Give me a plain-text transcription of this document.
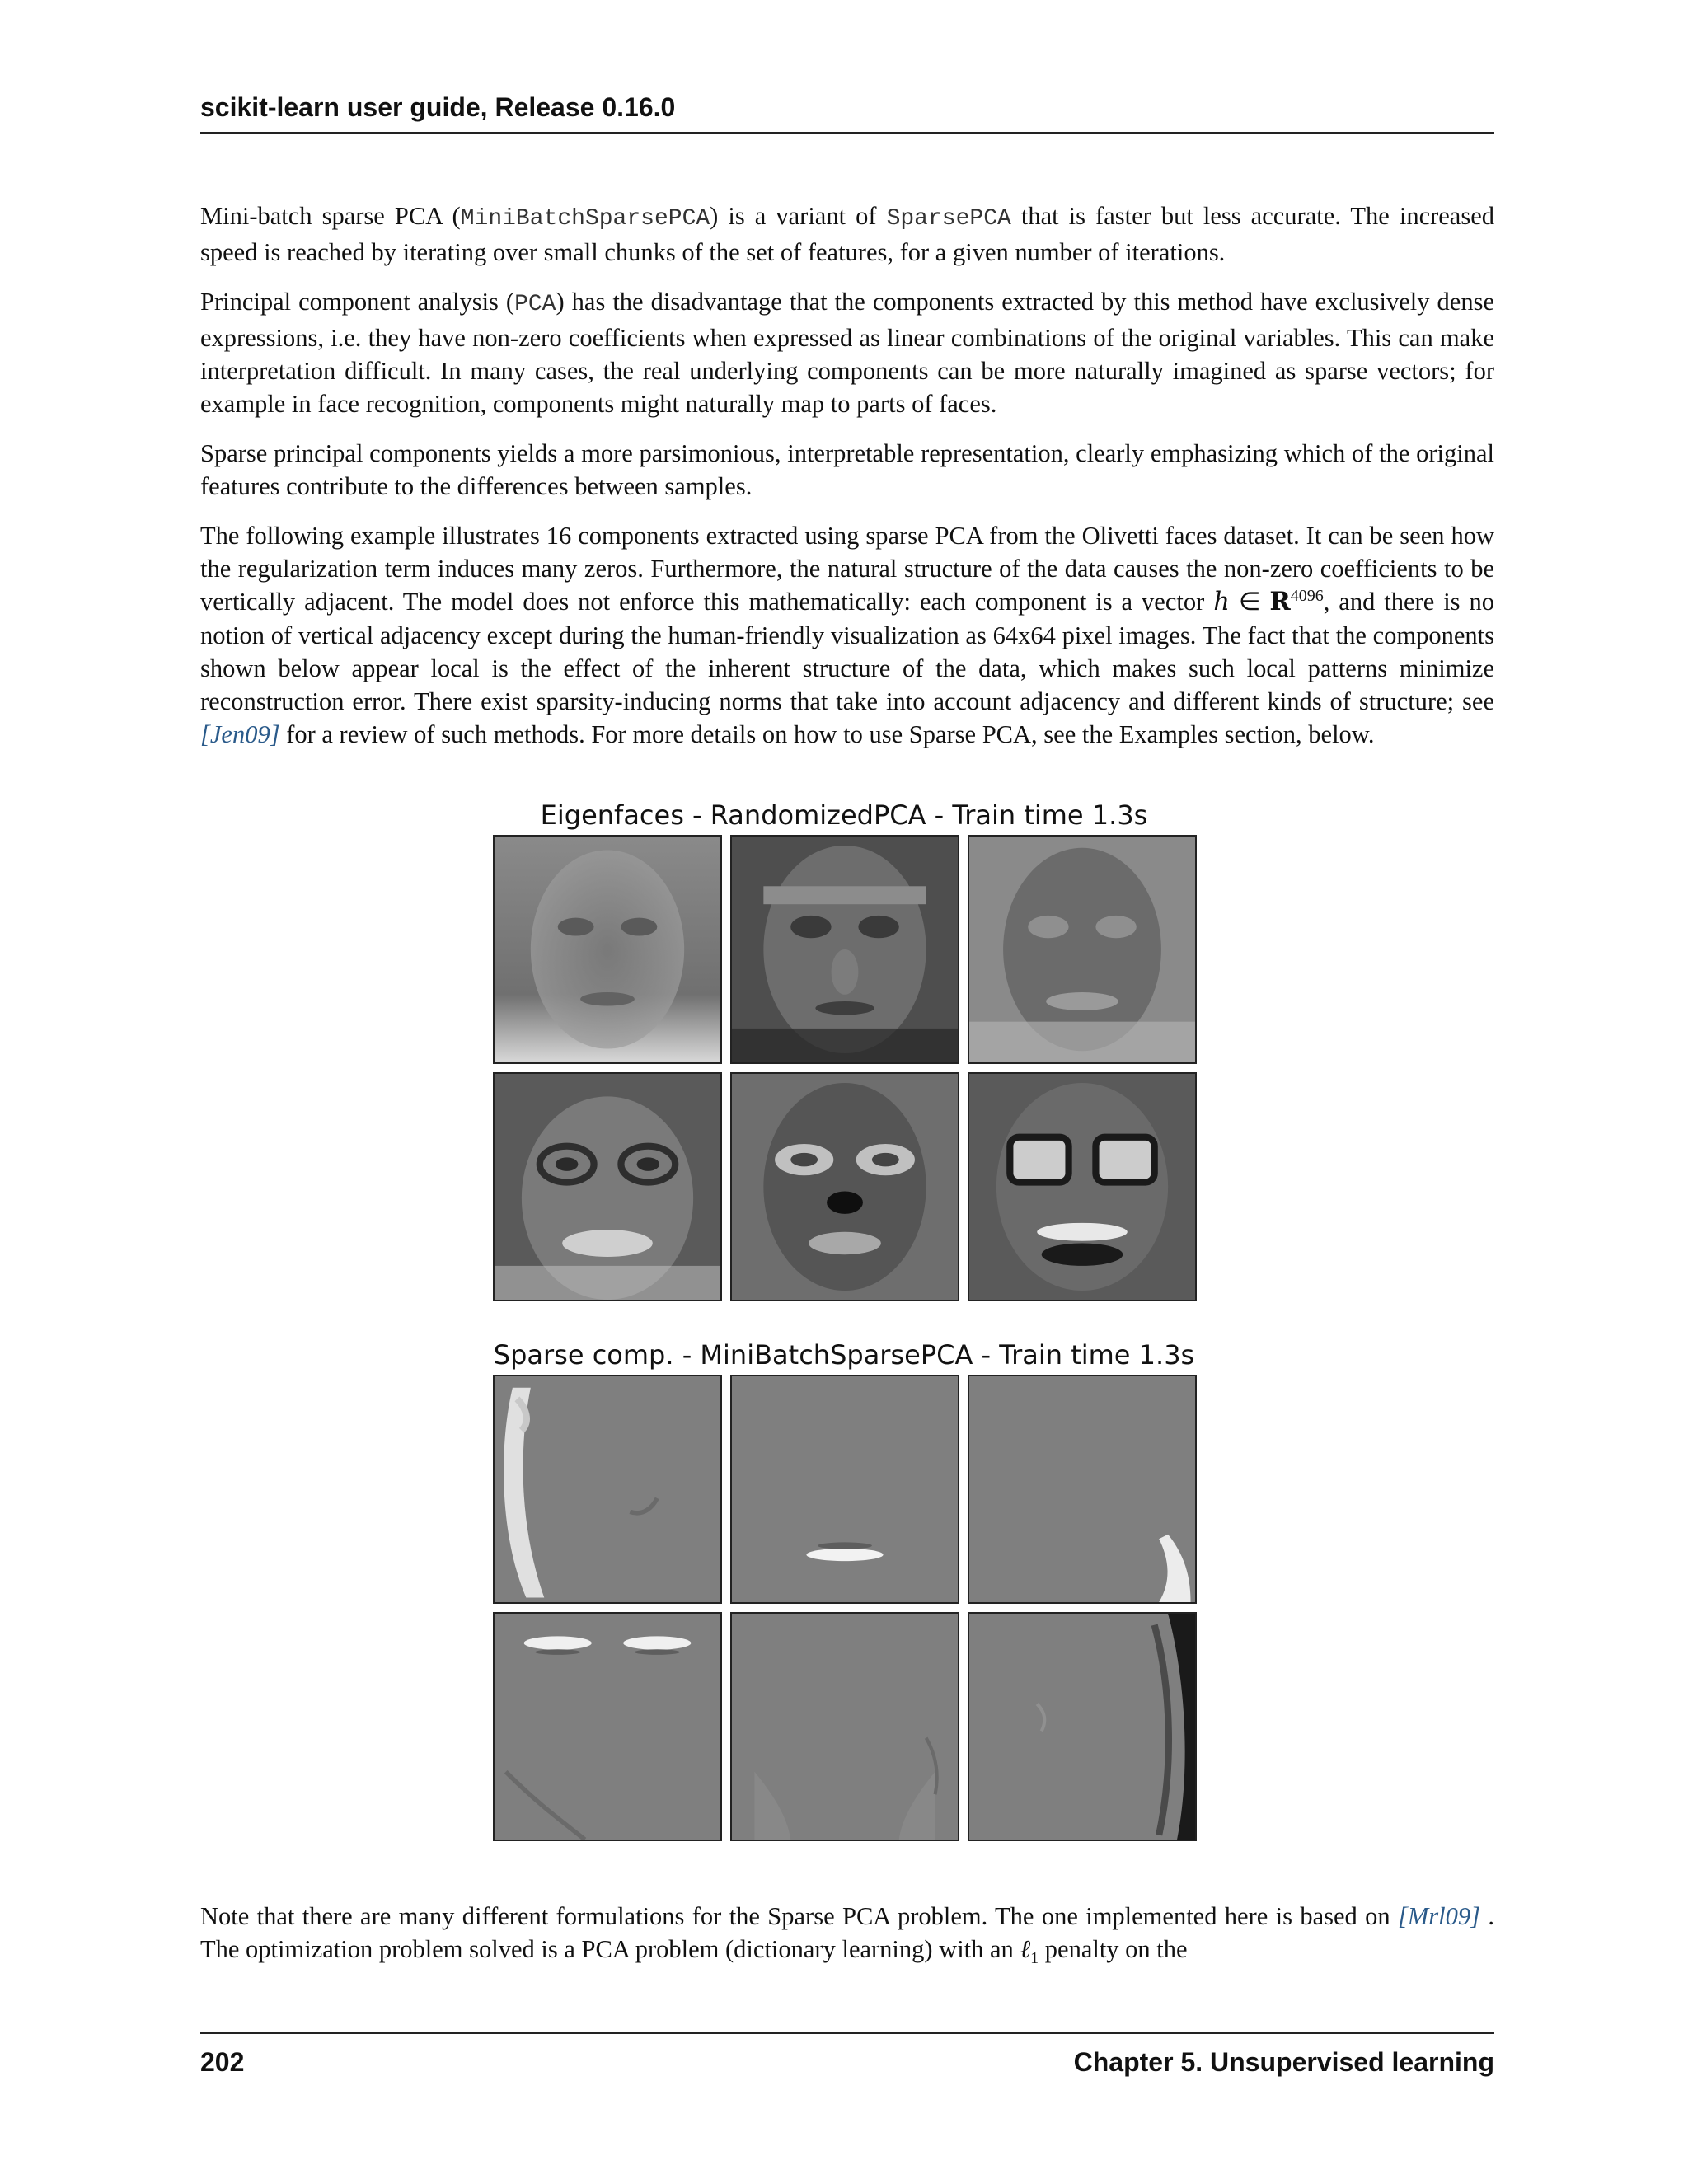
scikit-learn user guide, Release 0.16.0

Mini-batch sparse PCA (MiniBatchSparsePCA) is a variant of SparsePCA that is faster but less accurate. The increased speed is reached by iterating over small chunks of the set of features, for a given number of iterations.

Principal component analysis (PCA) has the disadvantage that the components extracted by this method have exclusively dense expressions, i.e. they have non-zero coefficients when expressed as linear combinations of the original variables. This can make interpretation difficult. In many cases, the real underlying components can be more naturally imagined as sparse vectors; for example in face recognition, components might naturally map to parts of faces.

Sparse principal components yields a more parsimonious, interpretable representation, clearly emphasizing which of the original features contribute to the differences between samples.

The following example illustrates 16 components extracted using sparse PCA from the Olivetti faces dataset. It can be seen how the regularization term induces many zeros. Furthermore, the natural structure of the data causes the non-zero coefficients to be vertically adjacent. The model does not enforce this mathematically: each component is a vector h ∈ $R^{4096}$, and there is no notion of vertical adjacency except during the human-friendly visualization as 64x64 pixel images. The fact that the components shown below appear local is the effect of the inherent structure of the data, which makes such local patterns minimize reconstruction error. There exist sparsity-inducing norms that take into account adjacency and different kinds of structure; see [Jen09] for a review of such methods. For more details on how to use Sparse PCA, see the Examples section, below.

Eigenfaces - RandomizedPCA - Train time 1.3s
Sparse comp. - MiniBatchSparsePCA - Train time 1.3s

Note that there are many different formulations for the Sparse PCA problem. The one implemented here is based on [Mrl09] . The optimization problem solved is a PCA problem (dictionary learning) with an ℓ$_1$ penalty on the

202	Chapter 5. Unsupervised learning
